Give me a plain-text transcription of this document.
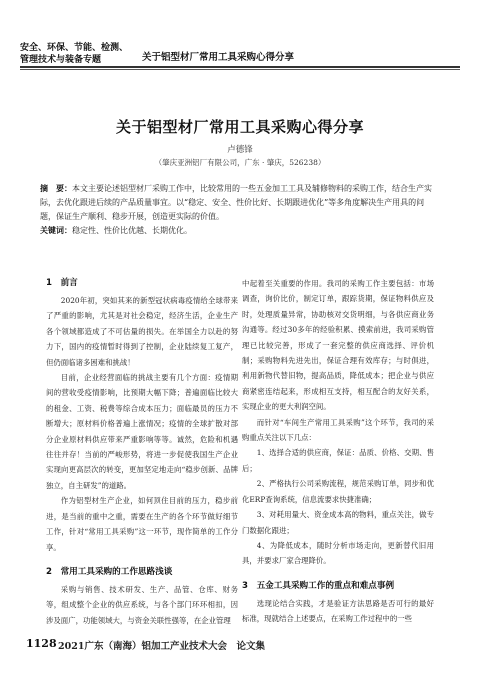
安全、环保、节能、检测、
管理技术与装备专题	关于铝型材厂常用工具采购心得分享
关于铝型材厂常用工具采购心得分享
卢德锋
（肇庆亚洲铝厂有限公司，广东 · 肇庆，526238）
摘　要：本文主要论述铝型材厂采购工作中，比较常用的一些五金加工工具及辅修物料的采购工作，结合生产实际，去优化跟进后续的产品质量事宜。以“稳定、安全、性价比好、长期跟进优化”等多角度解决生产用具的问题，保证生产顺利、稳步开展，创造更实际的价值。
关键词：稳定性、性价比优越、长期优化。
1　前言

2020年初，突如其来的新型冠状病毒疫情给全球带来了严重的影响，尤其是对社会稳定，经济生活，企业生产各个领域都造成了不可估量的损失。在举国全力以赴的努力下，国内的疫情暂时得到了控制，企业陆续复工复产，但仍面临诸多困难和挑战！

目前，企业经营面临的挑战主要有几个方面：疫情期间的营收受疫情影响，比预期大幅下降；普遍面临比较大的租金、工资、税费等综合成本压力；面临最员的压力不断增大；原材料价格普遍上涨情况；疫情的全球扩散对部分企业原材料供应带来严重影响等等。诚然，危险和机遇往往并存！当前的严峻形势，将进一步促使我国生产企业实现向更高层次的转变，更加坚定地走向“稳步创新、品牌独立，自主研发”的道路。

作为铝型材生产企业，如何顶住目前的压力，稳步前进，是当前的重中之重，需要在生产的各个环节做好细节工作，针对“常用工具采购”这一环节，现作简单的工作分享。

2　常用工具采购的工作思路浅谈

采购与销售、技术研发、生产、品管、仓库、财务等，组成整个企业的供应系统，与各个部门环环相扣，因涉及面广，功能领域大，与资金关联性强等，在企业管理

中起着至关重要的作用。我司的采购工作主要包括：市场调查，询价比价，制定订单，跟踪货期，保证物料供应及时，处理质量异常，协助核对交货明细，与各供应商业务沟通等。经过30多年的经验积累、摸索前进，我司采购管理已比较完善，形成了一套完整的供应商选择、评价机制；采购物料先进先出，保证合理有效库存；与时俱进，利用新物代替旧物，提高品质，降低成本；把企业与供应商紧密连结起来，形成相互支持，相互配合的友好关系，实现企业的更大利润空间。

而针对“车间生产常用工具采购”这个环节，我司的采购重点关注以下几点：

1、选择合适的供应商，保证：品质、价格、交期、售后；

2、严格执行公司采购流程，规范采购订单，同步和优化ERP查询系统，信息流要求快捷准确；

3、对耗用量大、资金成本高的物料，重点关注，做专门数据化跟进；

4、为降低成本，随时分析市场走向，更新替代旧用具，并要求厂家合理降价。

3　五金工具采购工作的重点和难点事例

选现论结合实践，才是验证方法思路是否可行的最好标准，现就结合上述要点，在采购工作过程中的一些

1128 2021广东（南海）铝加工产业技术大会　论文集
